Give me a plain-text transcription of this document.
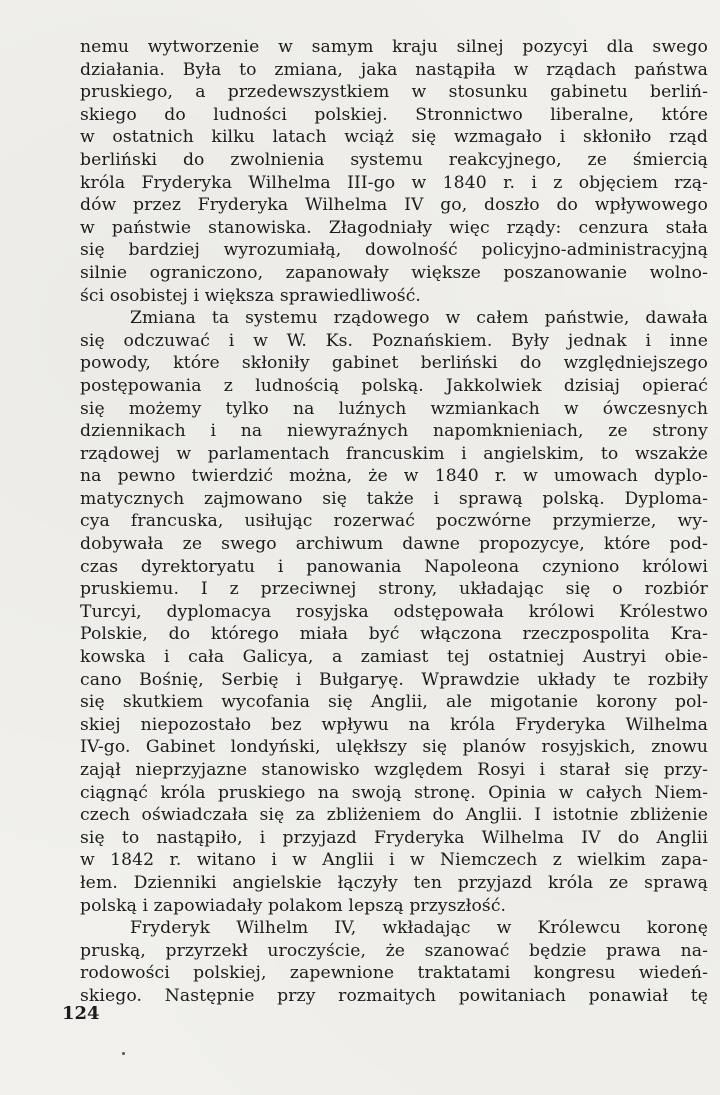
nemu wytworzenie w samym kraju silnej pozycyi dla swego
działania. Była to zmiana, jaka nastąpiła w rządach państwa
pruskiego, a przedewszystkiem w stosunku gabinetu berliń-
skiego do ludności polskiej. Stronnictwo liberalne, które
w ostatnich kilku latach wciąż się wzmagało i skłoniło rząd
berliński do zwolnienia systemu reakcyjnego, ze śmiercią
króla Fryderyka Wilhelma III-go w 1840 r. i z objęciem rzą-
dów przez Fryderyka Wilhelma IV go, doszło do wpływowego
w państwie stanowiska. Złagodniały więc rządy: cenzura stała
się bardziej wyrozumiałą, dowolność policyjno-administracyjną
silnie ograniczono, zapanowały większe poszanowanie wolno-
ści osobistej i większa sprawiedliwość.
Zmiana ta systemu rządowego w całem państwie, dawała
się odczuwać i w W. Ks. Poznańskiem. Były jednak i inne
powody, które skłoniły gabinet berliński do względniejszego
postępowania z ludnością polską. Jakkolwiek dzisiaj opierać
się możemy tylko na luźnych wzmiankach w ówczesnych
dziennikach i na niewyraźnych napomknieniach, ze strony
rządowej w parlamentach francuskim i angielskim, to wszakże
na pewno twierdzić można, że w 1840 r. w umowach dyplo-
matycznych zajmowano się także i sprawą polską. Dyploma-
cya francuska, usiłując rozerwać poczwórne przymierze, wy-
dobywała ze swego archiwum dawne propozycye, które pod-
czas dyrektoryatu i panowania Napoleona czyniono królowi
pruskiemu. I z przeciwnej strony, układając się o rozbiór
Turcyi, dyplomacya rosyjska odstępowała królowi Królestwo
Polskie, do którego miała być włączona rzeczpospolita Kra-
kowska i cała Galicya, a zamiast tej ostatniej Austryi obie-
cano Bośnię, Serbię i Bułgaryę. Wprawdzie układy te rozbiły
się skutkiem wycofania się Anglii, ale migotanie korony pol-
skiej niepozostało bez wpływu na króla Fryderyka Wilhelma
IV-go. Gabinet londyński, ulękłszy się planów rosyjskich, znowu
zajął nieprzyjazne stanowisko względem Rosyi i starał się przy-
ciągnąć króla pruskiego na swoją stronę. Opinia w całych Niem-
czech oświadczała się za zbliżeniem do Anglii. I istotnie zbliżenie
się to nastąpiło, i przyjazd Fryderyka Wilhelma IV do Anglii
w 1842 r. witano i w Anglii i w Niemczech z wielkim zapa-
łem. Dzienniki angielskie łączyły ten przyjazd króla ze sprawą
polską i zapowiadały polakom lepszą przyszłość.
Fryderyk Wilhelm IV, wkładając w Królewcu koronę
pruską, przyrzekł uroczyście, że szanować będzie prawa na-
rodowości polskiej, zapewnione traktatami kongresu wiedeń-
skiego. Następnie przy rozmaitych powitaniach ponawiał tę
124
